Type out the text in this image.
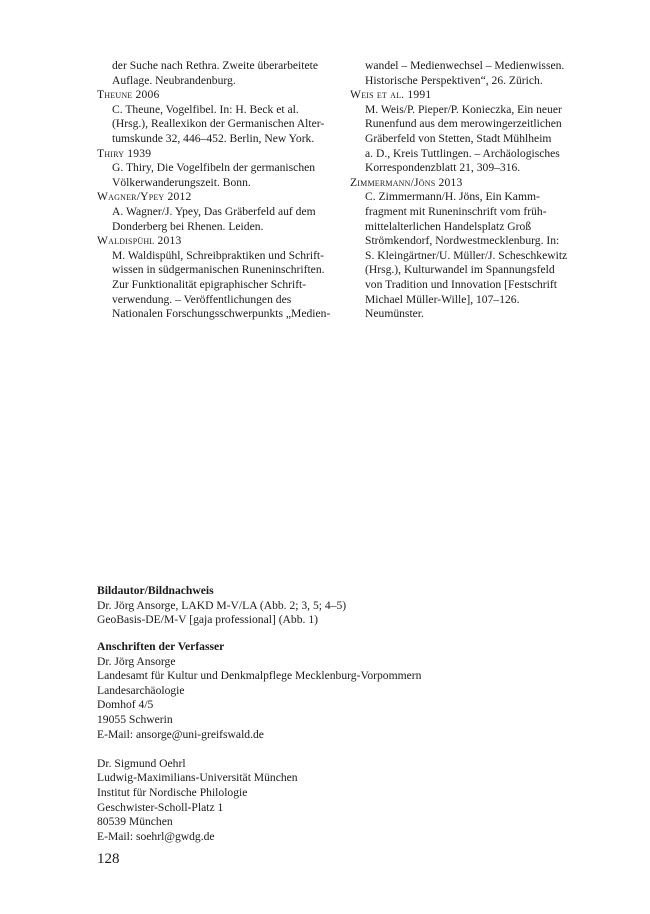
der Suche nach Rethra. Zweite überarbeitete
Auflage. Neubrandenburg.
Theune 2006
C. Theune, Vogelfibel. In: H. Beck et al.
(Hrsg.), Reallexikon der Germanischen Alter-
tumskunde 32, 446–452. Berlin, New York.
Thiry 1939
G. Thiry, Die Vogelfibeln der germanischen
Völkerwanderungszeit. Bonn.
Wagner/Ypey 2012
A. Wagner/J. Ypey, Das Gräberfeld auf dem
Donderberg bei Rhenen. Leiden.
Waldispühl 2013
M. Waldispühl, Schreibpraktiken und Schrift-
wissen in südgermanischen Runeninschriften.
Zur Funktionalität epigraphischer Schrift-
verwendung. – Veröffentlichungen des
Nationalen Forschungsschwerpunkts „Medien-
wandel – Medienwechsel – Medienwissen.
Historische Perspektiven“, 26. Zürich.
Weis et al. 1991
M. Weis/P. Pieper/P. Konieczka, Ein neuer
Runenfund aus dem merowingerzeitlichen
Gräberfeld von Stetten, Stadt Mühlheim
a. D., Kreis Tuttlingen. – Archäologisches
Korrespondenzblatt 21, 309–316.
Zimmermann/Jöns 2013
C. Zimmermann/H. Jöns, Ein Kamm-
fragment mit Runeninschrift vom früh-
mittelalterlichen Handelsplatz Groß
Strömkendorf, Nordwestmecklenburg. In:
S. Kleingärtner/U. Müller/J. Scheschkewitz
(Hrsg.), Kulturwandel im Spannungsfeld
von Tradition und Innovation [Festschrift
Michael Müller-Wille], 107–126.
Neumünster.
Bildautor/Bildnachweis
Dr. Jörg Ansorge, LAKD M-V/LA (Abb. 2; 3, 5; 4–5)
GeoBasis-DE/M-V [gaja professional] (Abb. 1)
Anschriften der Verfasser
Dr. Jörg Ansorge
Landesamt für Kultur und Denkmalpflege Mecklenburg-Vorpommern
Landesarchäologie
Domhof 4/5
19055 Schwerin
E-Mail: ansorge@uni-greifswald.de
Dr. Sigmund Oehrl
Ludwig-Maximilians-Universität München
Institut für Nordische Philologie
Geschwister-Scholl-Platz 1
80539 München
E-Mail: soehrl@gwdg.de
128
